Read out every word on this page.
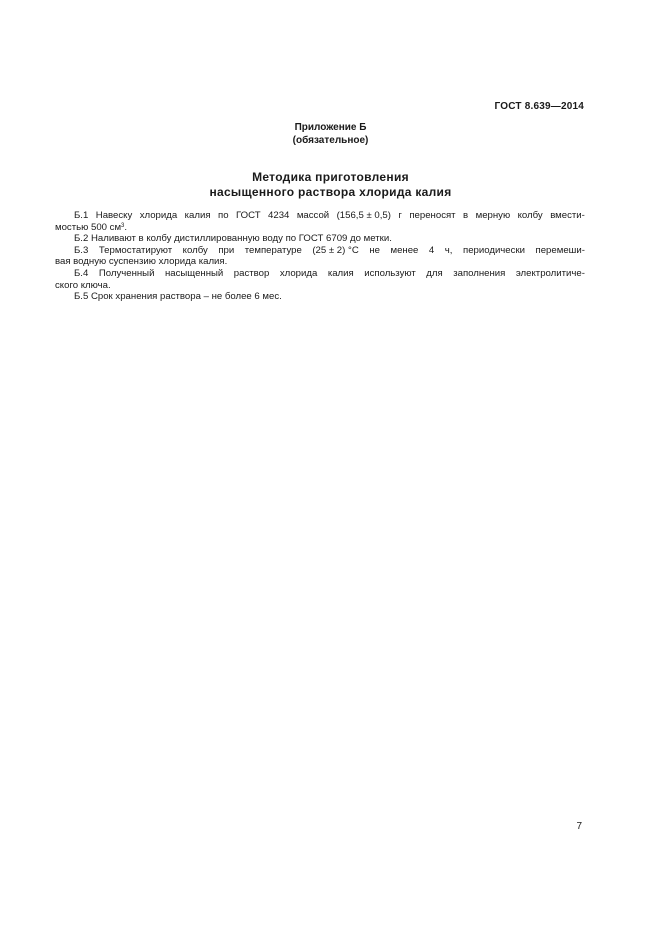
ГОСТ 8.639—2014
Приложение Б
(обязательное)
Методика приготовления
насыщенного раствора хлорида калия
Б.1 Навеску хлорида калия по ГОСТ 4234 массой (156,5 ± 0,5) г переносят в мерную колбу вмести-
мостью 500 $см^3$.
Б.2 Наливают в колбу дистиллированную воду по ГОСТ 6709 до метки.
Б.3 Термостатируют колбу при температуре (25 ± 2) °С не менее 4 ч, периодически перемеши-
вая водную суспензию хлорида калия.
Б.4 Полученный насыщенный раствор хлорида калия используют для заполнения электролитиче-
ского ключа.
Б.5 Срок хранения раствора – не более 6 мес.
7
